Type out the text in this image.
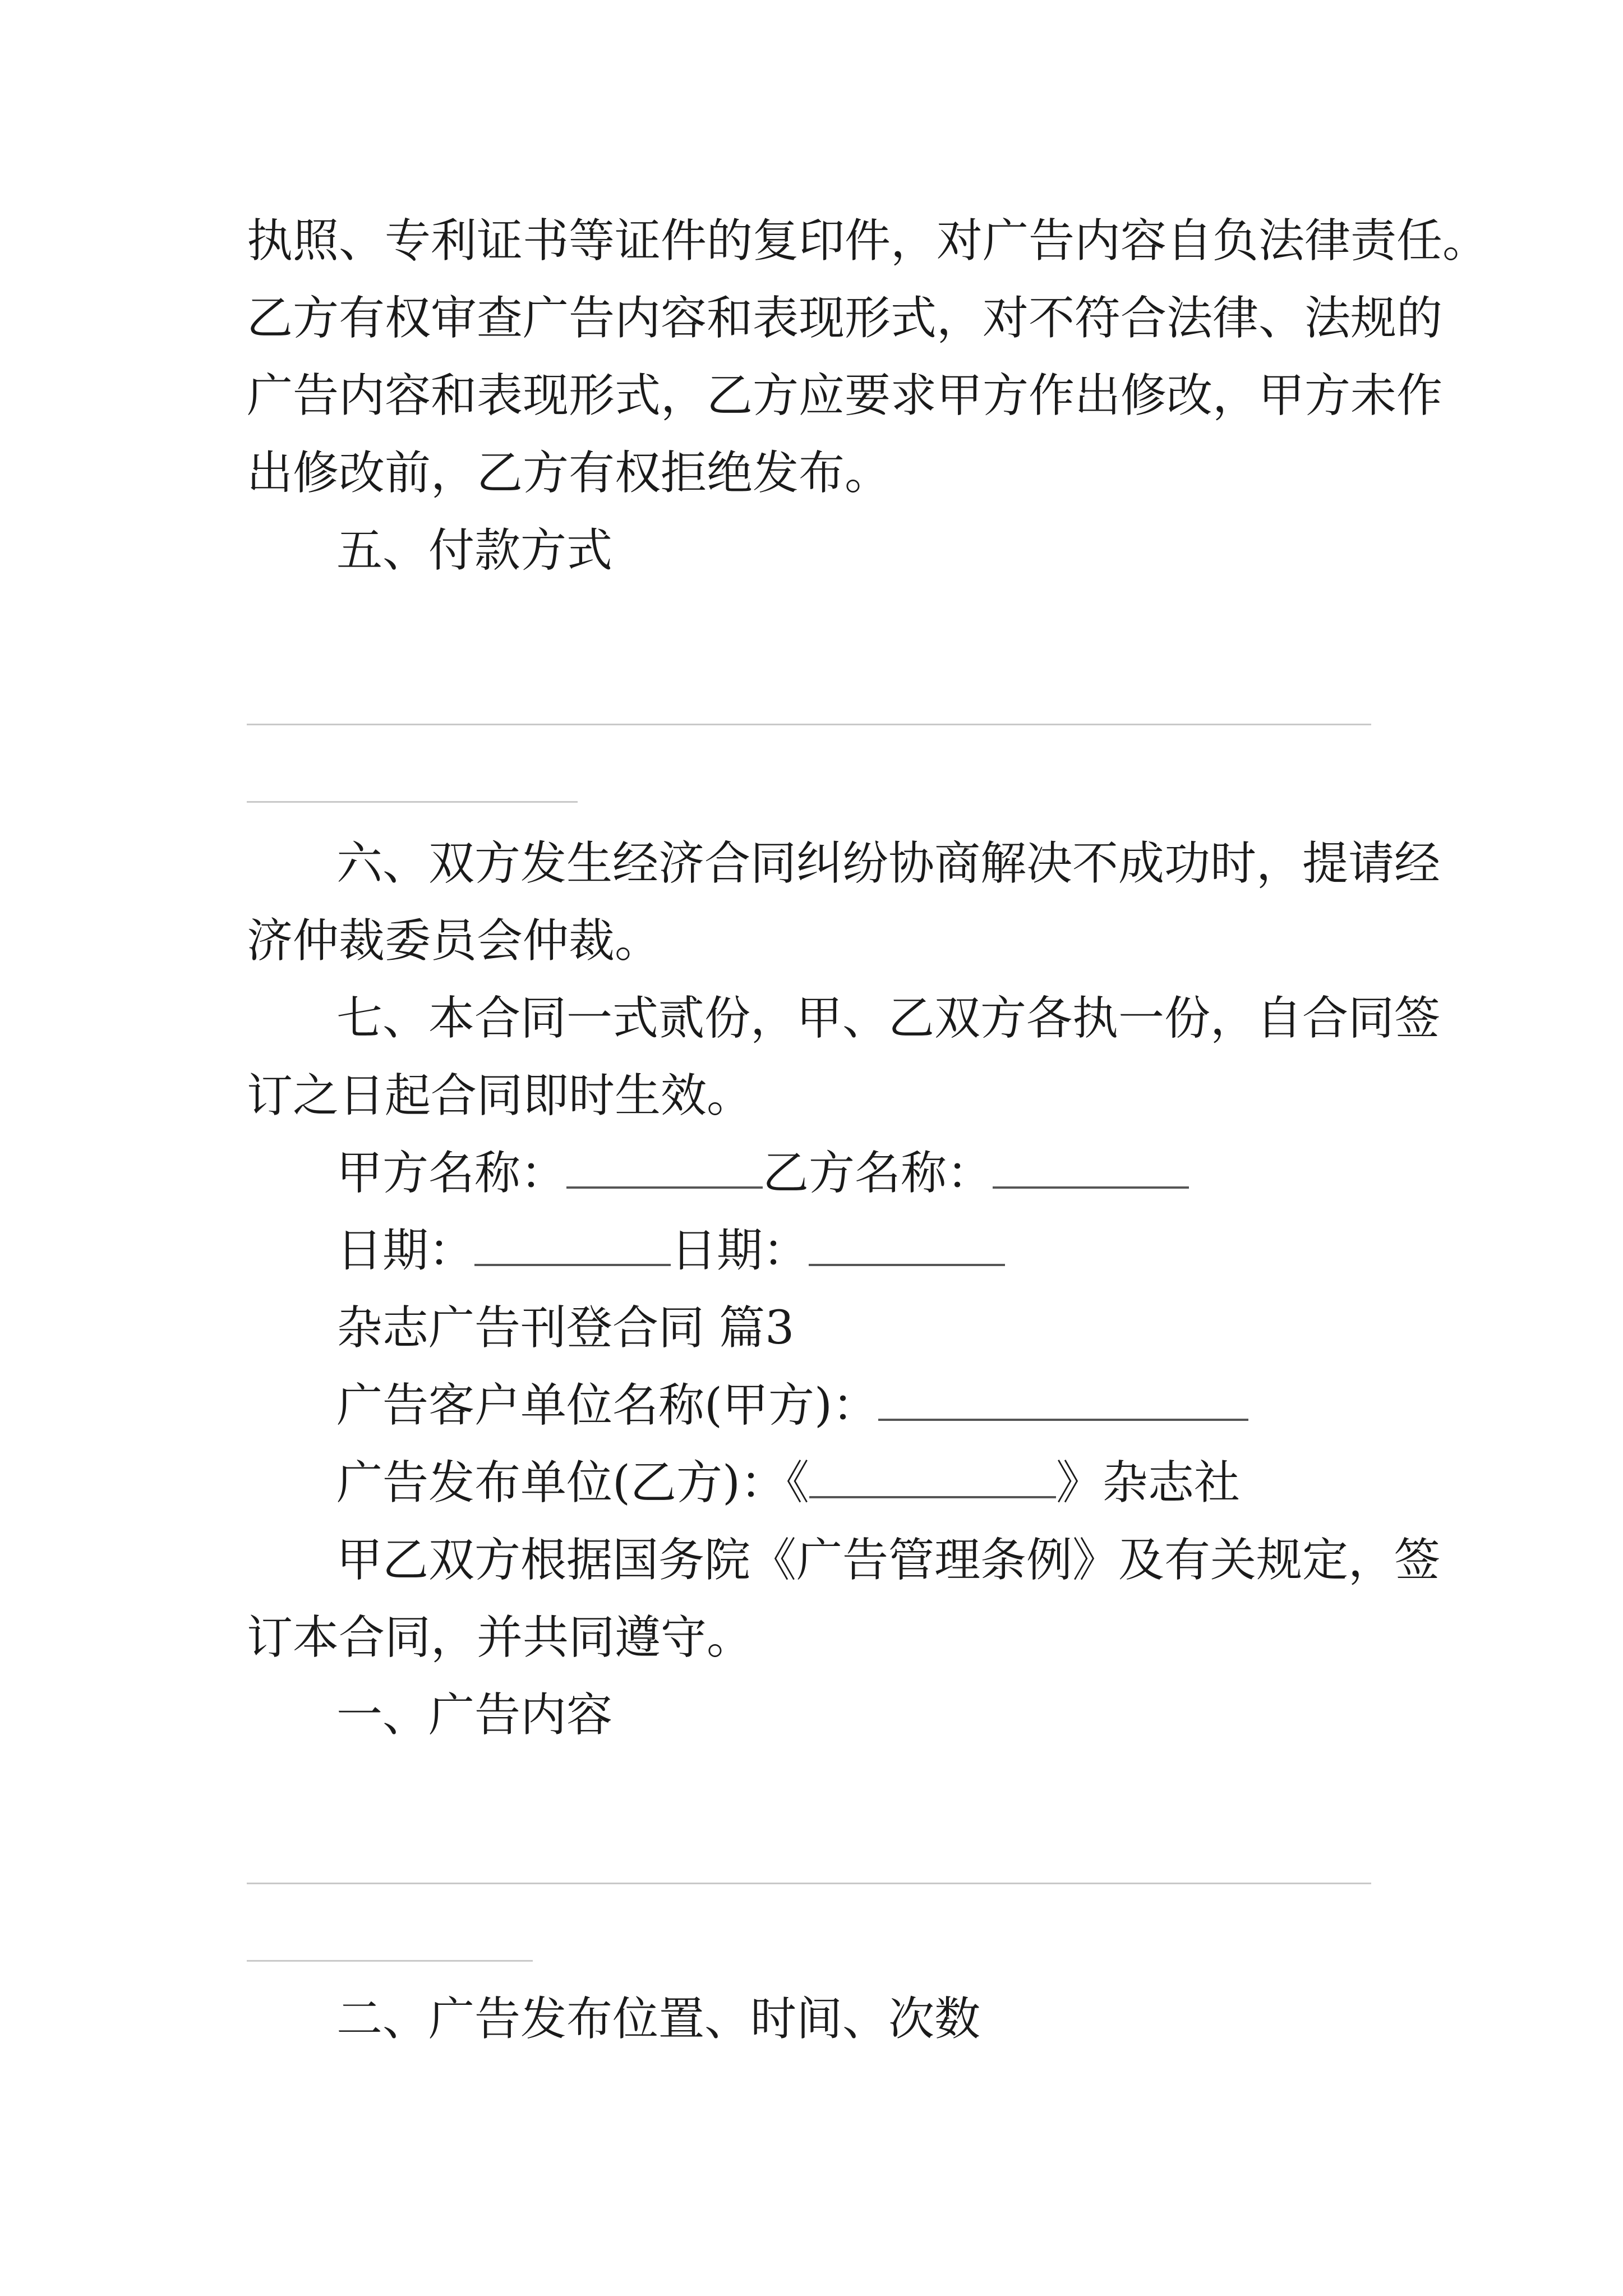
执照、专利证书等证件的复印件，对广告内容自负法律责任。

乙方有权审查广告内容和表现形式，对不符合法律、法规的

广告内容和表现形式，乙方应要求甲方作出修改，甲方未作

出修改前，乙方有权拒绝发布。

五、付款方式

六、双方发生经济合同纠纷协商解决不成功时，提请经

济仲裁委员会仲裁。

七、本合同一式贰份，甲、乙双方各执一份，自合同签

订之日起合同即时生效。

甲方名称：	乙方名称：

日期：	日期：

杂志广告刊登合同 篇3

广告客户单位名称(甲方)：

广告发布单位(乙方)：《	》杂志社

甲乙双方根据国务院《广告管理条例》及有关规定，签

订本合同，并共同遵守。

一、广告内容

二、广告发布位置、时间、次数
